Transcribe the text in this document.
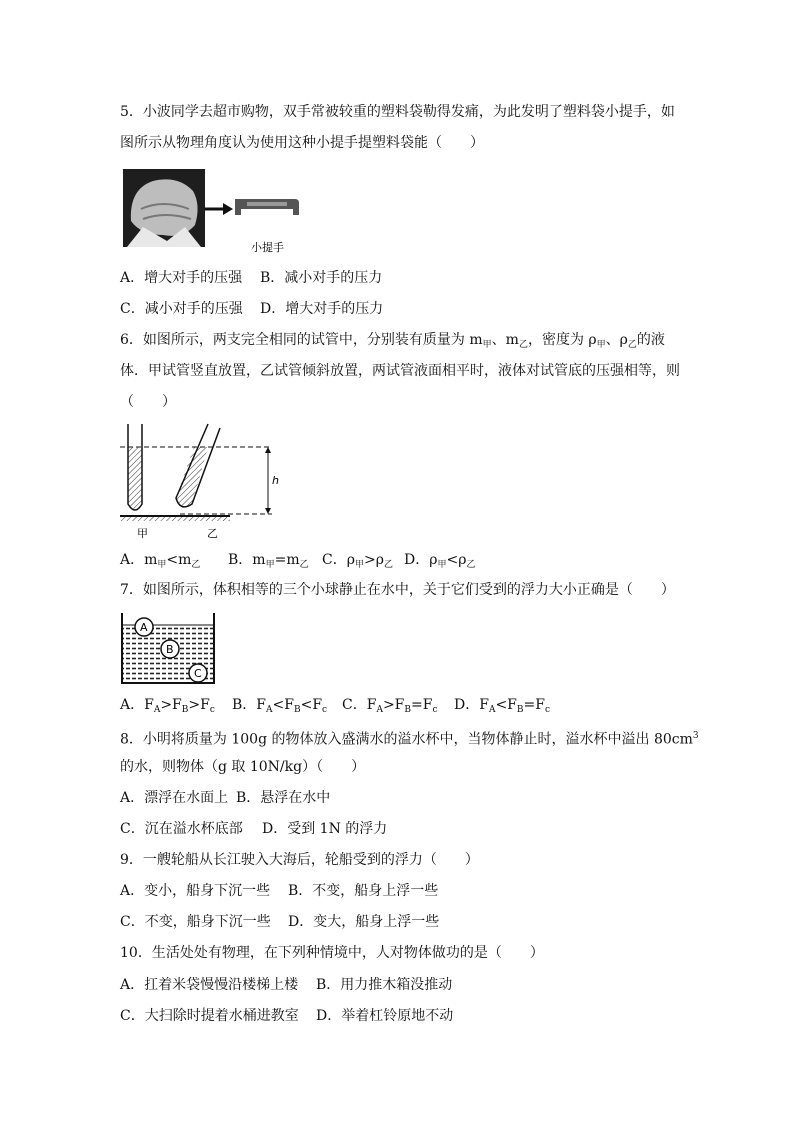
5．小波同学去超市购物，双手常被较重的塑料袋勒得发痛，为此发明了塑料袋小提手，如
图所示从物理角度认为使用这种小提手提塑料袋能（　　）
小提手
A．增大对手的压强 B．减小对手的压力
C．减小对手的压强 D．增大对手的压力
6．如图所示，两支完全相同的试管中，分别装有质量为 $m_甲$、$m_乙$，密度为 $\rho_甲$、$\rho_乙$的液
体．甲试管竖直放置，乙试管倾斜放置，两试管液面相平时，液体对试管底的压强相等，则
（　　）
h
甲	乙
A．$m_甲<m_乙$ B．$m_甲=m_乙$ C．$\rho_甲>\rho_乙$ D．$\rho_甲<\rho_乙$
7．如图所示，体积相等的三个小球静止在水中，关于它们受到的浮力大小正确是（　　）
A
B
C
A．$F_A>F_B>F_c$ B．$F_A<F_B<F_c$ C．$F_A>F_B=F_c$ D．$F_A<F_B=F_c$
8．小明将质量为 100g 的物体放入盛满水的溢水杯中，当物体静止时，溢水杯中溢出 $80cm^3$
的水，则物体（g 取 10N/kg）（　　）
A．漂浮在水面上 B．悬浮在水中
C．沉在溢水杯底部 D．受到 1N 的浮力
9．一艘轮船从长江驶入大海后，轮船受到的浮力（　　）
A．变小，船身下沉一些 B．不变，船身上浮一些
C．不变，船身下沉一些 D．变大，船身上浮一些
10．生活处处有物理，在下列种情境中，人对物体做功的是（　　）
A．扛着米袋慢慢沿楼梯上楼 B．用力推木箱没推动
C．大扫除时提着水桶进教室 D．举着杠铃原地不动
